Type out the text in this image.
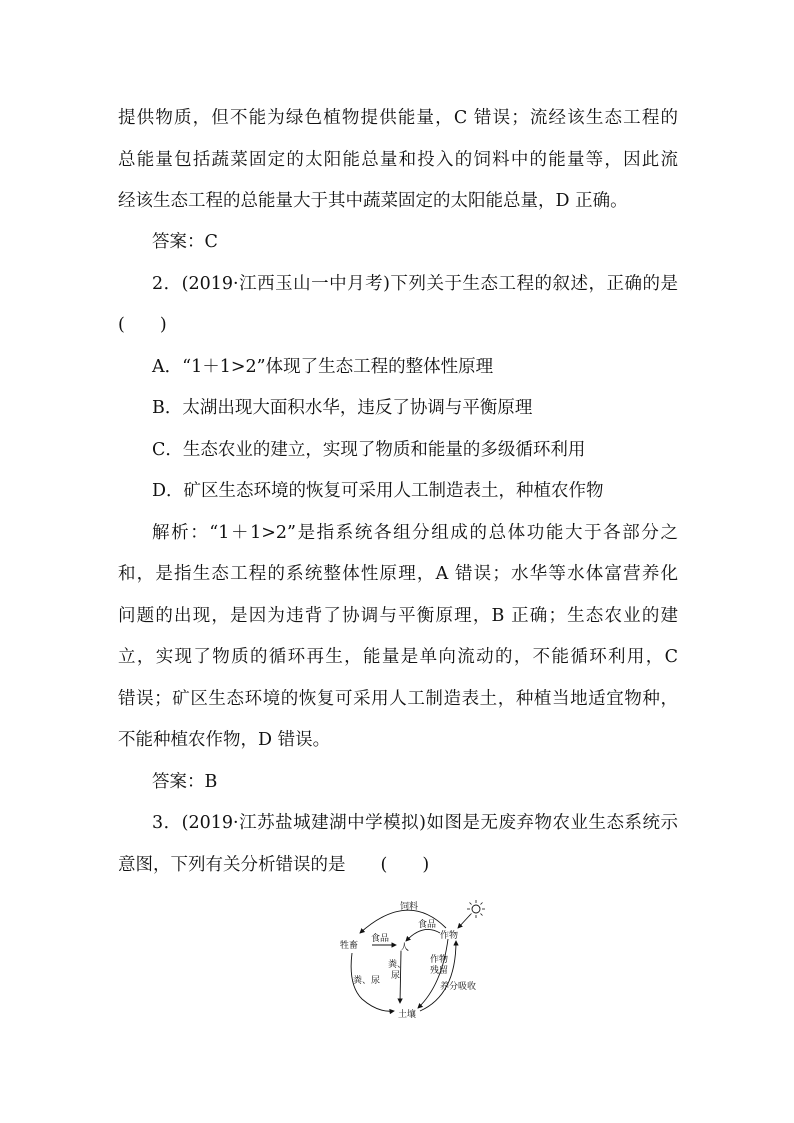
提供物质，但不能为绿色植物提供能量，C 错误；流经该生态工程的
总能量包括蔬菜固定的太阳能总量和投入的饲料中的能量等，因此流
经该生态工程的总能量大于其中蔬菜固定的太阳能总量，D 正确。
答案：C
2．(2019·江西玉山一中月考)下列关于生态工程的叙述，正确的是
(　　)
A．“1＋1>2”体现了生态工程的整体性原理
B．太湖出现大面积水华，违反了协调与平衡原理
C．生态农业的建立，实现了物质和能量的多级循环利用
D．矿区生态环境的恢复可采用人工制造表土，种植农作物
解析：“1＋1>2”是指系统各组分组成的总体功能大于各部分之
和，是指生态工程的系统整体性原理，A 错误；水华等水体富营养化
问题的出现，是因为违背了协调与平衡原理，B 正确；生态农业的建
立，实现了物质的循环再生，能量是单向流动的，不能循环利用，C
错误；矿区生态环境的恢复可采用人工制造表土，种植当地适宜物种，
不能种植农作物，D 错误。
答案：B
3．(2019·江苏盐城建湖中学模拟)如图是无废弃物农业生态系统示
意图，下列有关分析错误的是　　(　　)
饲料
食品
牲畜
食品
人
作物
作物
残留
粪、
尿
粪、尿
土壤
养分吸收
